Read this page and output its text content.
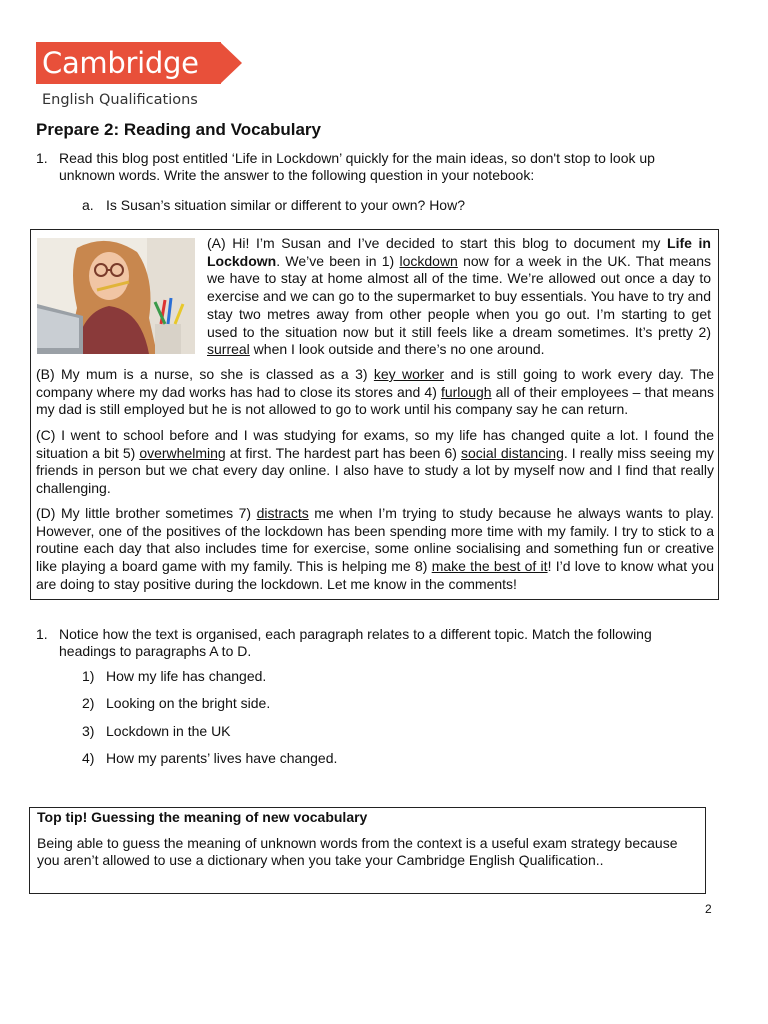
Cambridge
English Qualifications
Prepare 2: Reading and Vocabulary
1. Read this blog post entitled ‘Life in Lockdown’ quickly for the main ideas, so don't stop to look up unknown words. Write the answer to the following question in your notebook:
a. Is Susan’s situation similar or different to your own? How?

(A) Hi! I’m Susan and I’ve decided to start this blog to document my Life in Lockdown. We’ve been in 1) lockdown now for a week in the UK. That means we have to stay at home almost all of the time. We’re allowed out once a day to exercise and we can go to the supermarket to buy essentials. You have to try and stay two metres away from other people when you go out. I’m starting to get used to the situation now but it still feels like a dream sometimes. It’s pretty 2) surreal when I look outside and there’s no one around.

(B) My mum is a nurse, so she is classed as a 3) key worker and is still going to work every day. The company where my dad works has had to close its stores and 4) furlough all of their employees – that means my dad is still employed but he is not allowed to go to work until his company say he can return.

(C) I went to school before and I was studying for exams, so my life has changed quite a lot. I found the situation a bit 5) overwhelming at first. The hardest part has been 6) social distancing. I really miss seeing my friends in person but we chat every day online. I also have to study a lot by myself now and I find that really challenging.

(D) My little brother sometimes 7) distracts me when I’m trying to study because he always wants to play. However, one of the positives of the lockdown has been spending more time with my family. I try to stick to a routine each day that also includes time for exercise, some online socialising and something fun or creative like playing a board game with my family. This is helping me 8) make the best of it! I’d love to know what you are doing to stay positive during the lockdown. Let me know in the comments!

1. Notice how the text is organised, each paragraph relates to a different topic. Match the following headings to paragraphs A to D.
1) How my life has changed.
2) Looking on the bright side.
3) Lockdown in the UK
4) How my parents’ lives have changed.
Top tip! Guessing the meaning of new vocabulary

Being able to guess the meaning of unknown words from the context is a useful exam strategy because you aren’t allowed to use a dictionary when you take your Cambridge English Qualification..

2
